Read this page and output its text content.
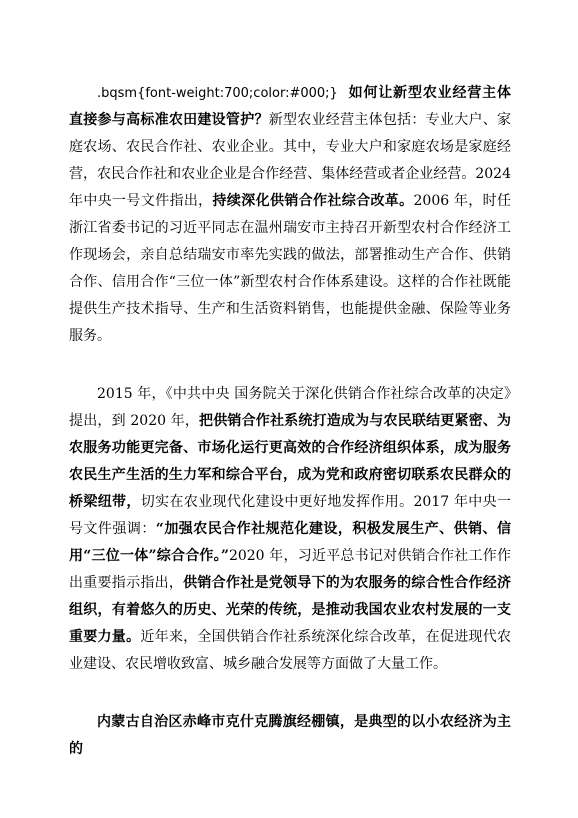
.bqsm{font-weight:700;color:#000;} 如何让新型农业经营主体直接参与高标准农田建设管护？新型农业经营主体包括：专业大户、家庭农场、农民合作社、农业企业。其中，专业大户和家庭农场是家庭经营，农民合作社和农业企业是合作经营、集体经营或者企业经营。2024 年中央一号文件指出，持续深化供销合作社综合改革。2006 年，时任浙江省委书记的习近平同志在温州瑞安市主持召开新型农村合作经济工作现场会，亲自总结瑞安市率先实践的做法，部署推动生产合作、供销合作、信用合作“三位一体”新型农村合作体系建设。这样的合作社既能提供生产技术指导、生产和生活资料销售，也能提供金融、保险等业务服务。

2015 年，《中共中央 国务院关于深化供销合作社综合改革的决定》提出，到 2020 年，把供销合作社系统打造成为与农民联结更紧密、为农服务功能更完备、市场化运行更高效的合作经济组织体系，成为服务农民生产生活的生力军和综合平台，成为党和政府密切联系农民群众的桥梁纽带，切实在农业现代化建设中更好地发挥作用。2017 年中央一号文件强调：“加强农民合作社规范化建设，积极发展生产、供销、信用“三位一体”综合合作。”2020 年，习近平总书记对供销合作社工作作出重要指示指出，供销合作社是党领导下的为农服务的综合性合作经济组织，有着悠久的历史、光荣的传统，是推动我国农业农村发展的一支重要力量。近年来，全国供销合作社系统深化综合改革，在促进现代农业建设、农民增收致富、城乡融合发展等方面做了大量工作。

内蒙古自治区赤峰市克什克腾旗经棚镇，是典型的以小农经济为主的
